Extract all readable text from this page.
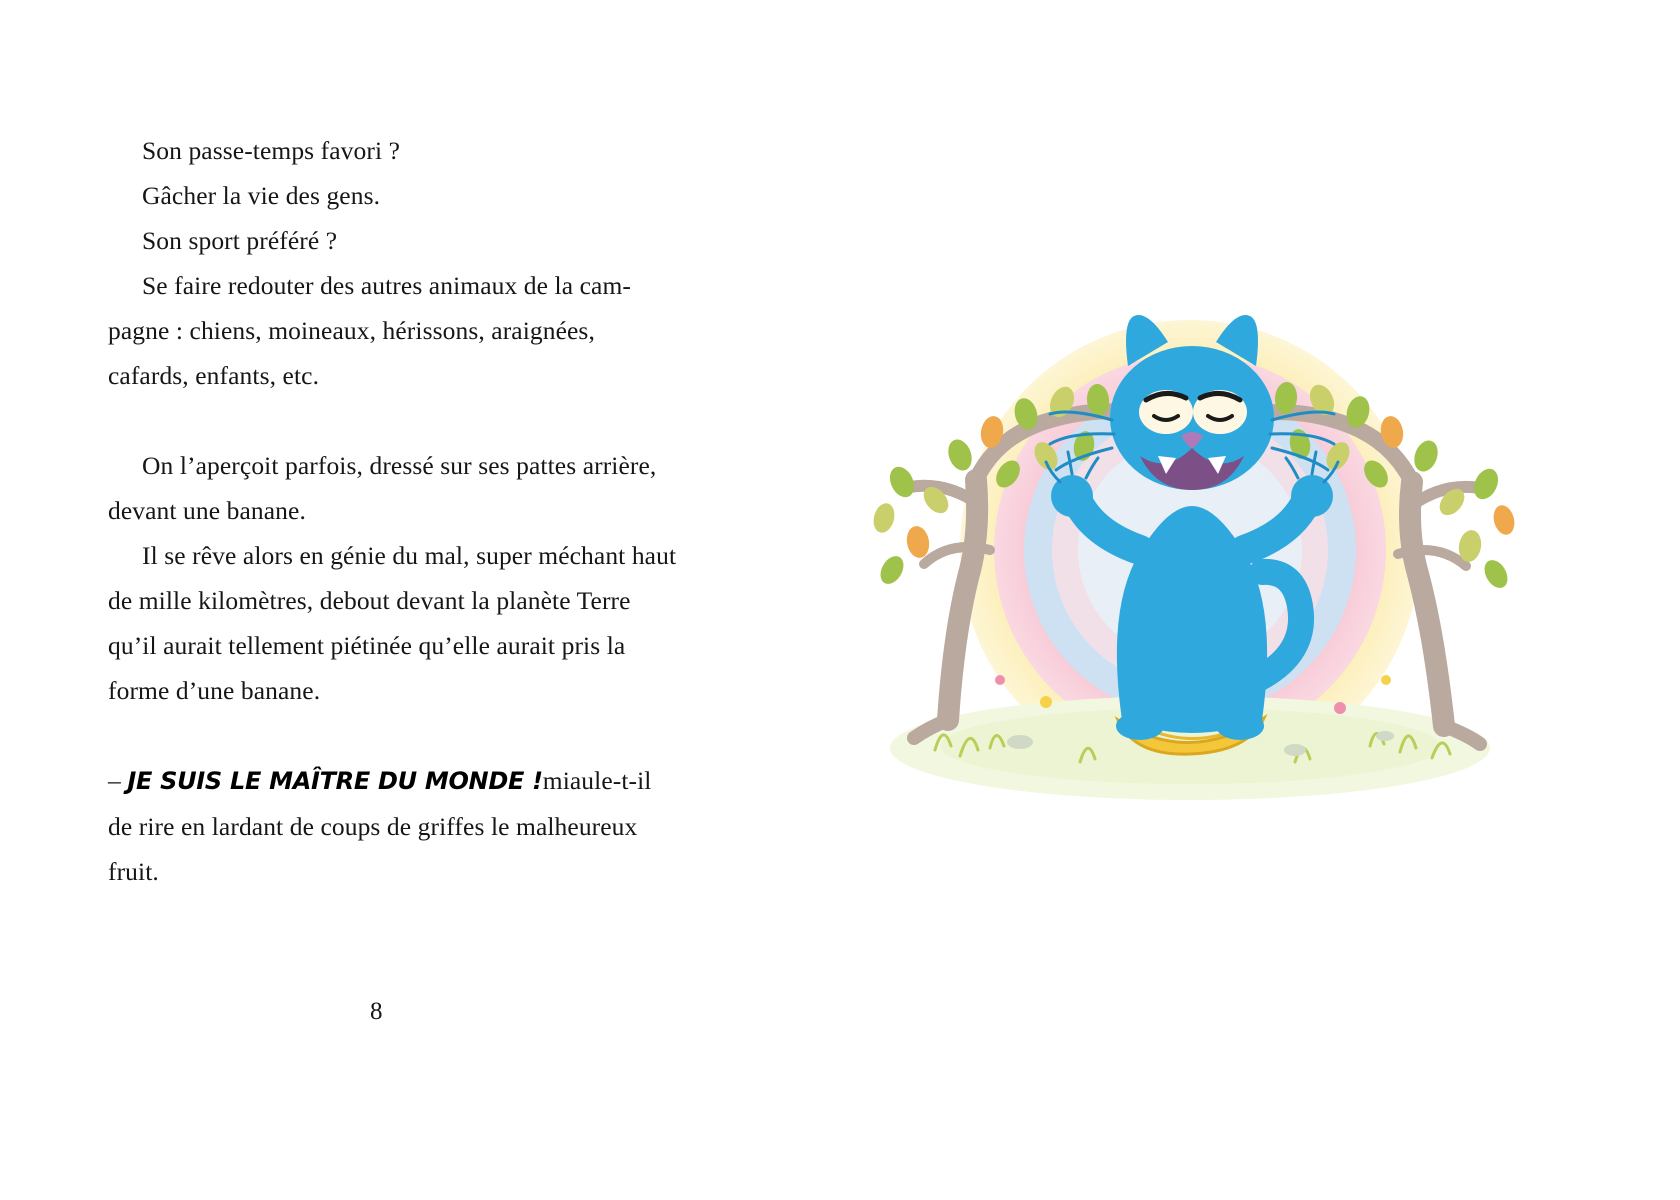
Son passe-temps favori ?

Gâcher la vie des gens.

Son sport préféré ?

Se faire redouter des autres animaux de la cam-pagne : chiens, moineaux, hérissons, araignées, cafards, enfants, etc.

On l’aperçoit parfois, dressé sur ses pattes arrière, devant une banane.

Il se rêve alors en génie du mal, super méchant haut de mille kilomètres, debout devant la planète Terre qu’il aurait tellement piétinée qu’elle aurait pris la forme d’une banane.

– JE SUIS LE MAÎTRE DU MONDE !miaule-t-il de rire en lardant de coups de griffes le malheureux fruit.

8
